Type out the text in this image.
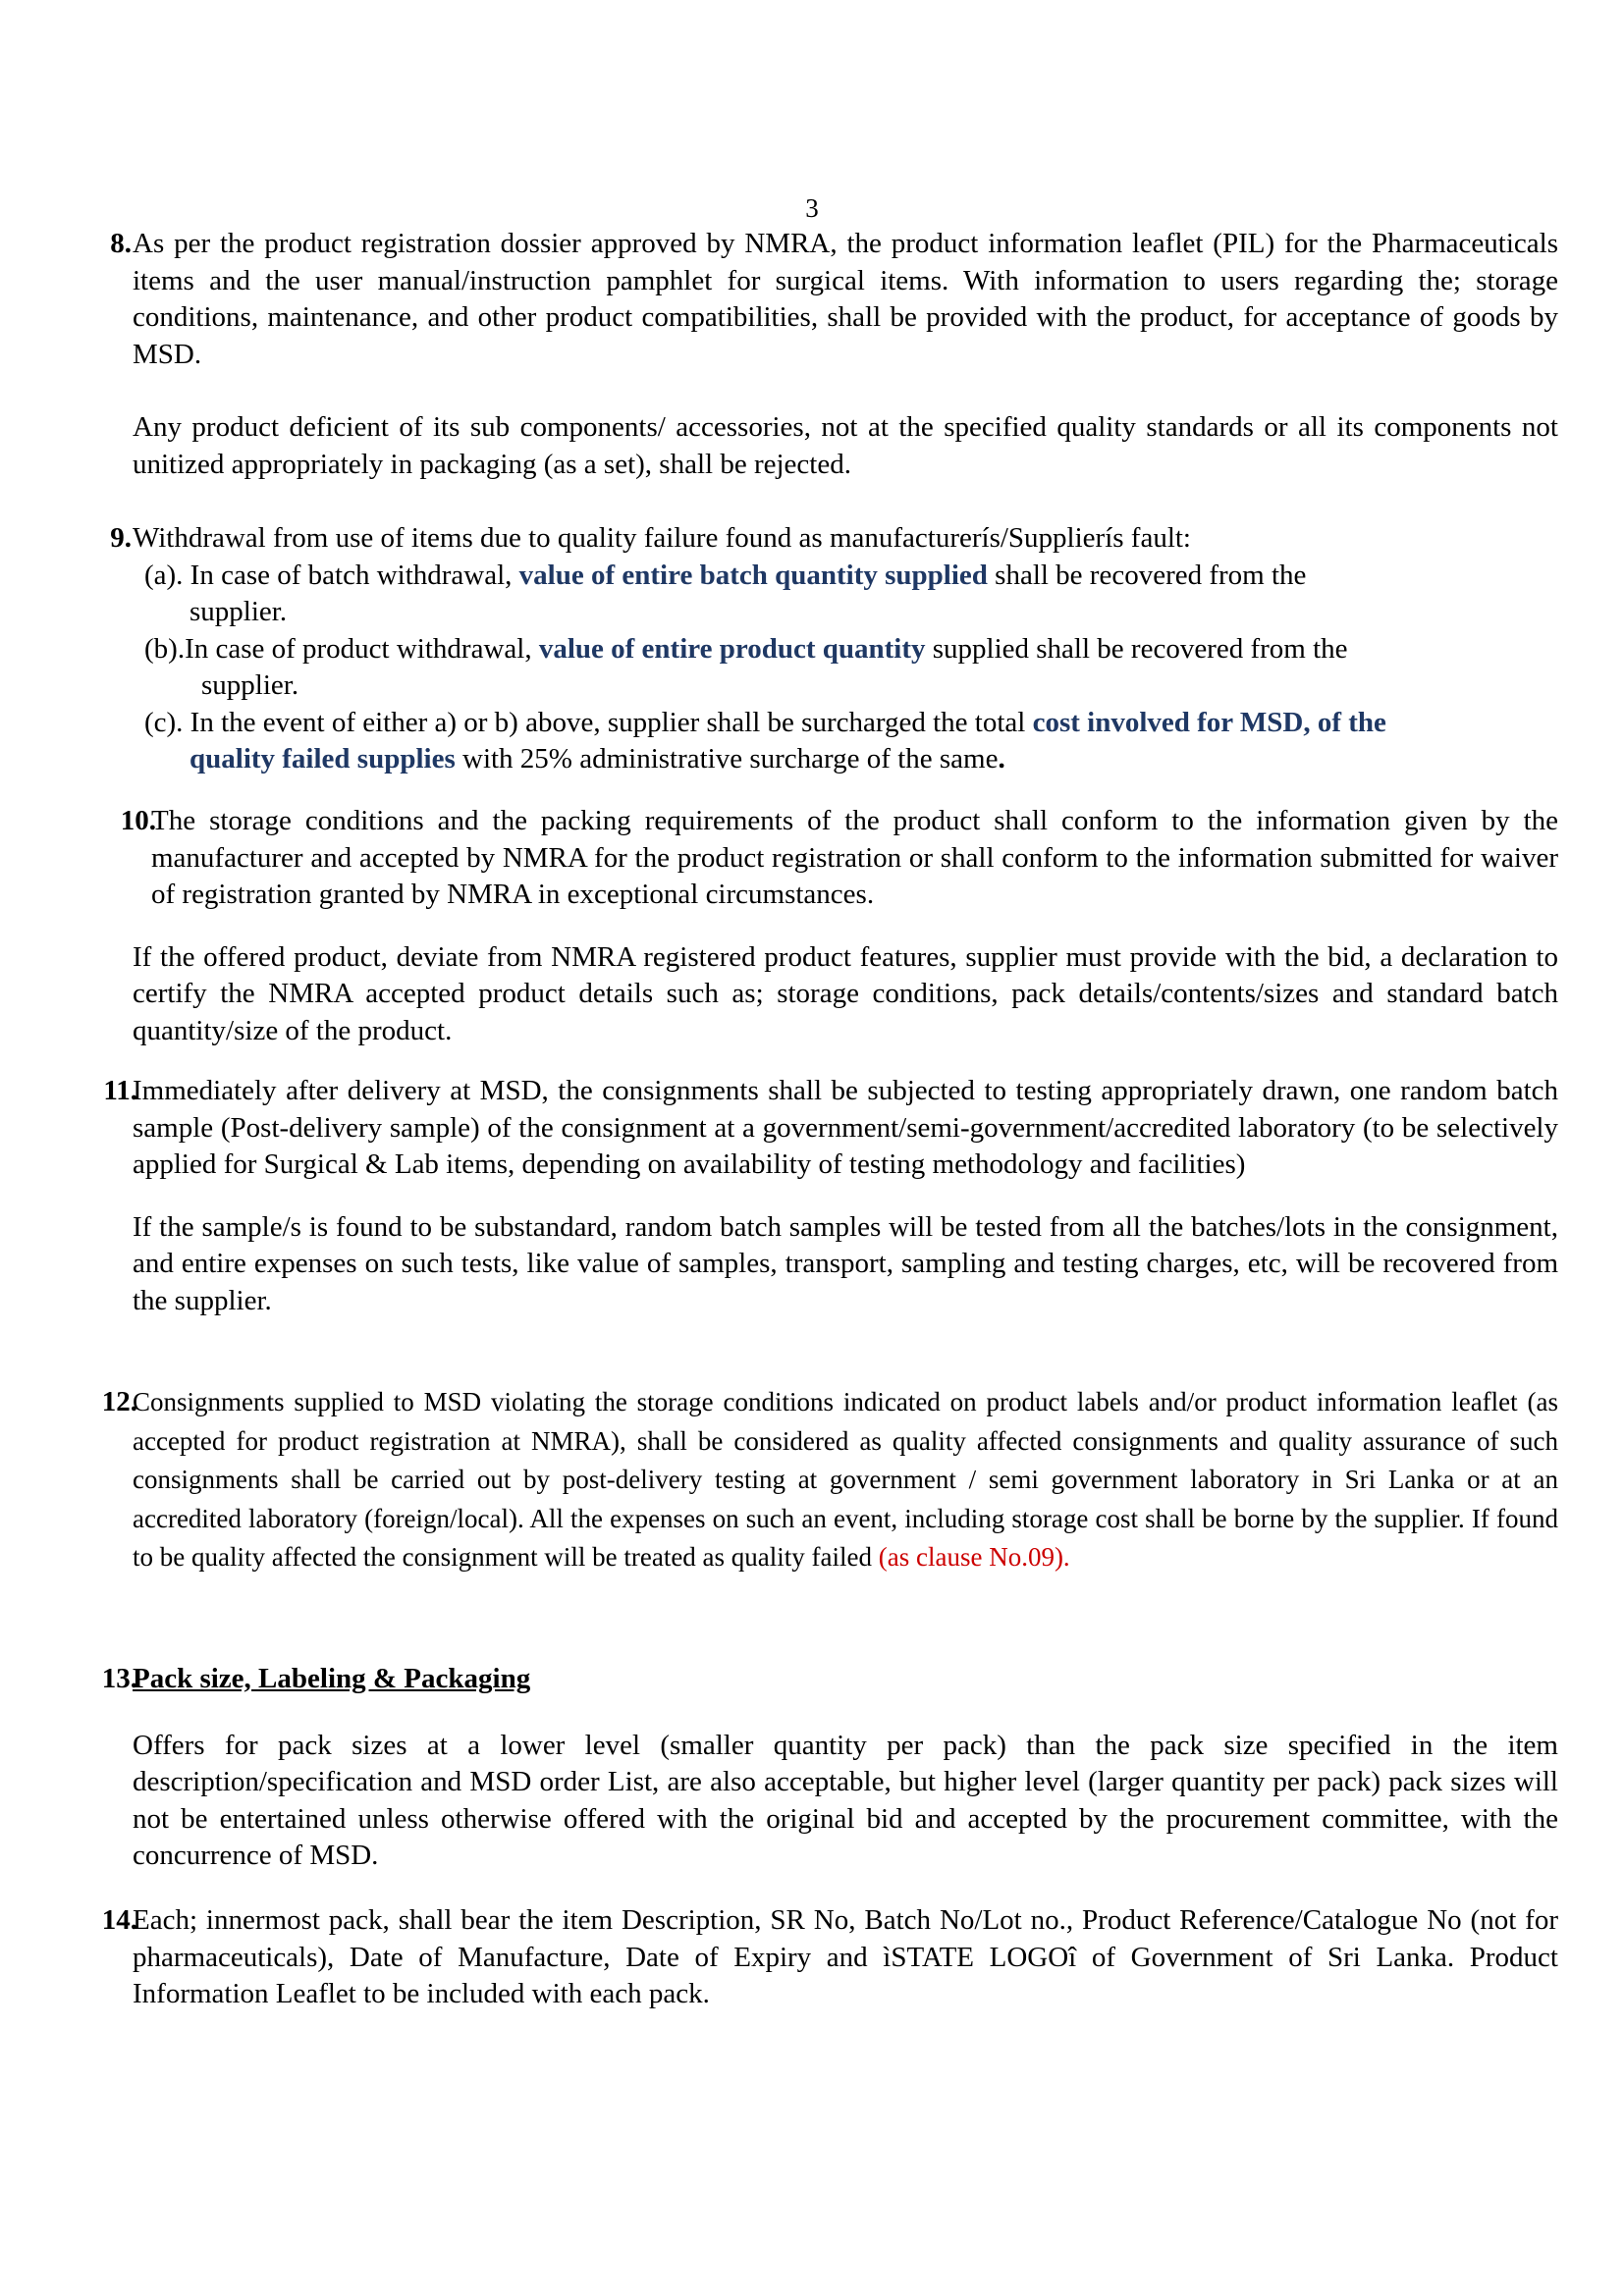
3
8. As per the product registration dossier approved by NMRA, the product information leaflet (PIL) for the Pharmaceuticals items and the user manual/instruction pamphlet for surgical items. With information to users regarding the; storage conditions, maintenance, and other product compatibilities, shall be provided with the product, for acceptance of goods by MSD.

Any product deficient of its sub components/ accessories, not at the specified quality standards or all its components not unitized appropriately in packaging (as a set), shall be rejected.

9. Withdrawal from use of items due to quality failure found as manufacturerís/Supplierís fault:

(a). In case of batch withdrawal, value of entire batch quantity supplied shall be recovered from the
supplier.
(b).In case of product withdrawal, value of entire product quantity supplied shall be recovered from the
supplier.
(c). In the event of either a) or b) above, supplier shall be surcharged the total cost involved for MSD, of the
quality failed supplies with 25% administrative surcharge of the same.
10.

The storage conditions and the packing requirements of the product shall conform to the information given by the manufacturer and accepted by NMRA for the product registration or shall conform to the information submitted for waiver of registration granted by NMRA in exceptional circumstances.

If the offered product, deviate from NMRA registered product features, supplier must provide with the bid, a declaration to certify the NMRA accepted product details such as; storage conditions, pack details/contents/sizes and standard batch quantity/size of the product.

11.

Immediately after delivery at MSD, the consignments shall be subjected to testing appropriately drawn, one random batch sample (Post-delivery sample) of the consignment at a government/semi-government/accredited laboratory (to be selectively applied for Surgical & Lab items, depending on availability of testing methodology and facilities)

If the sample/s is found to be substandard, random batch samples will be tested from all the batches/lots in the consignment, and entire expenses on such tests, like value of samples, transport, sampling and testing charges, etc, will be recovered from the supplier.

12.

Consignments supplied to MSD violating the storage conditions indicated on product labels and/or product information leaflet (as accepted for product registration at NMRA), shall be considered as quality affected consignments and quality assurance of such consignments shall be carried out by post-delivery testing at government / semi government laboratory in Sri Lanka or at an accredited laboratory (foreign/local). All the expenses on such an event, including storage cost shall be borne by the supplier. If found to be quality affected the consignment will be treated as quality failed (as clause No.09).

13.

Pack size, Labeling & Packaging

Offers for pack sizes at a lower level (smaller quantity per pack) than the pack size specified in the item description/specification and MSD order List, are also acceptable, but higher level (larger quantity per pack) pack sizes will not be entertained unless otherwise offered with the original bid and accepted by the procurement committee, with the concurrence of MSD.

14.

Each; innermost pack, shall bear the item Description, SR No, Batch No/Lot no., Product Reference/Catalogue No (not for pharmaceuticals), Date of Manufacture, Date of Expiry and ìSTATE LOGOî of Government of Sri Lanka. Product Information Leaflet to be included with each pack.
